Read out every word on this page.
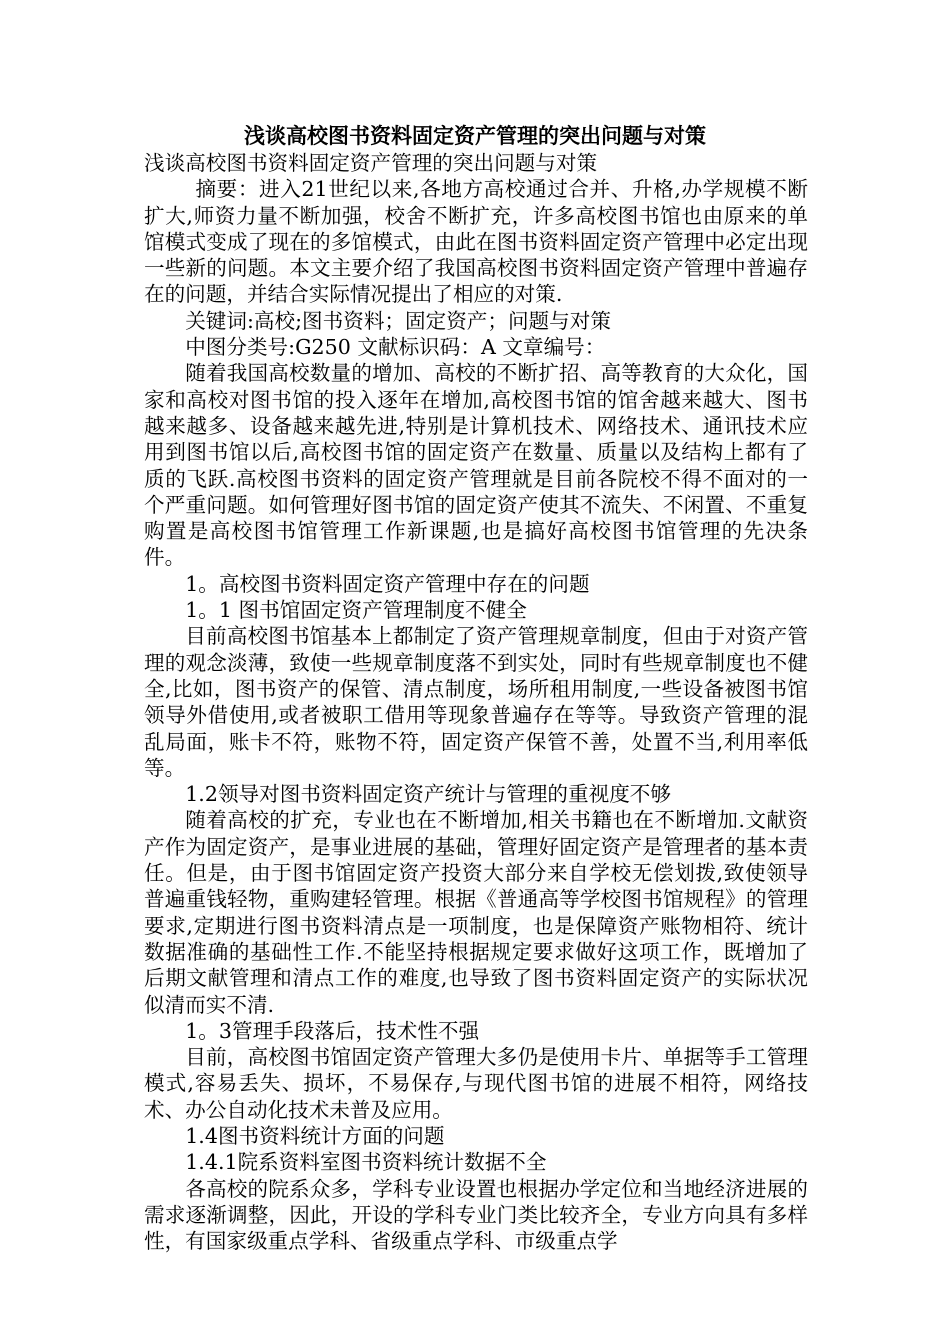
浅谈高校图书资料固定资产管理的突出问题与对策

浅谈高校图书资料固定资产管理的突出问题与对策

摘要：进入21世纪以来,各地方高校通过合并、升格,办学规模不断扩大,师资力量不断加强，校舍不断扩充，许多高校图书馆也由原来的单馆模式变成了现在的多馆模式，由此在图书资料固定资产管理中必定出现一些新的问题。本文主要介绍了我国高校图书资料固定资产管理中普遍存在的问题，并结合实际情况提出了相应的对策.

关键词:高校;图书资料；固定资产；问题与对策

中图分类号:G250 文献标识码：A 文章编号：

随着我国高校数量的增加、高校的不断扩招、高等教育的大众化，国家和高校对图书馆的投入逐年在增加,高校图书馆的馆舍越来越大、图书越来越多、设备越来越先进,特别是计算机技术、网络技术、通讯技术应用到图书馆以后,高校图书馆的固定资产在数量、质量以及结构上都有了质的飞跃.高校图书资料的固定资产管理就是目前各院校不得不面对的一个严重问题。如何管理好图书馆的固定资产使其不流失、不闲置、不重复购置是高校图书馆管理工作新课题,也是搞好高校图书馆管理的先决条件。

1。高校图书资料固定资产管理中存在的问题

1。1 图书馆固定资产管理制度不健全

目前高校图书馆基本上都制定了资产管理规章制度，但由于对资产管理的观念淡薄，致使一些规章制度落不到实处，同时有些规章制度也不健全,比如，图书资产的保管、清点制度，场所租用制度,一些设备被图书馆领导外借使用,或者被职工借用等现象普遍存在等等。导致资产管理的混乱局面，账卡不符，账物不符，固定资产保管不善，处置不当,利用率低等。

1.2领导对图书资料固定资产统计与管理的重视度不够

随着高校的扩充，专业也在不断增加,相关书籍也在不断增加.文献资产作为固定资产，是事业进展的基础，管理好固定资产是管理者的基本责任。但是，由于图书馆固定资产投资大部分来自学校无偿划拨,致使领导普遍重钱轻物，重购建轻管理。根据《普通高等学校图书馆规程》的管理要求,定期进行图书资料清点是一项制度，也是保障资产账物相符、统计数据准确的基础性工作.不能坚持根据规定要求做好这项工作，既增加了后期文献管理和清点工作的难度,也导致了图书资料固定资产的实际状况似清而实不清.

1。3管理手段落后，技术性不强

目前，高校图书馆固定资产管理大多仍是使用卡片、单据等手工管理模式,容易丢失、损坏，不易保存,与现代图书馆的进展不相符，网络技术、办公自动化技术未普及应用。

1.4图书资料统计方面的问题

1.4.1院系资料室图书资料统计数据不全

各高校的院系众多，学科专业设置也根据办学定位和当地经济进展的需求逐渐调整，因此，开设的学科专业门类比较齐全，专业方向具有多样性，有国家级重点学科、省级重点学科、市级重点学
